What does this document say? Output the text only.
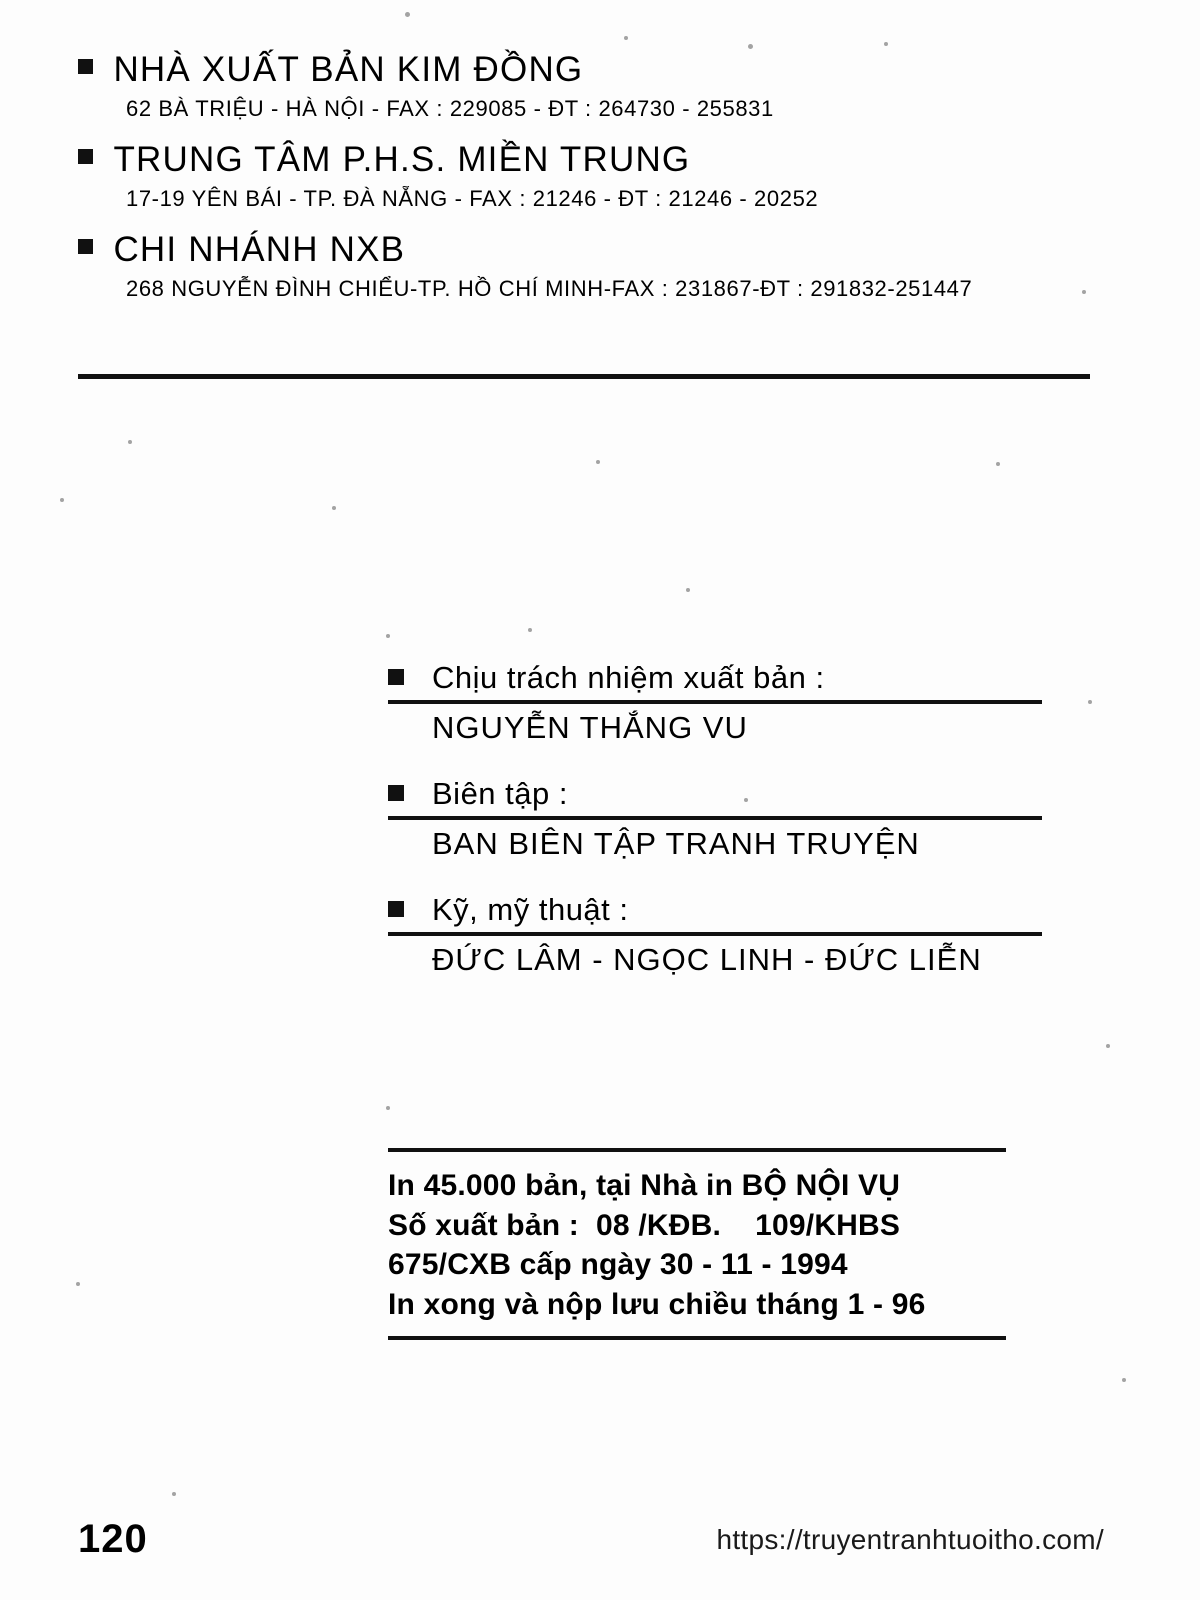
NHÀ XUẤT BẢN KIM ĐỒNG
62 BÀ TRIỆU - HÀ NỘI - FAX : 229085 - ĐT : 264730 - 255831
TRUNG TÂM P.H.S. MIỀN TRUNG
17-19 YÊN BÁI - TP. ĐÀ NẴNG - FAX : 21246 - ĐT : 21246 - 20252
CHI NHÁNH NXB
268 NGUYỄN ĐÌNH CHIỂU-TP. HỒ CHÍ MINH-FAX : 231867-ĐT : 291832-251447
Chịu trách nhiệm xuất bản :
NGUYỄN THẮNG VU
Biên tập :
BAN BIÊN TẬP TRANH TRUYỆN
Kỹ, mỹ thuật :
ĐỨC LÂM - NGỌC LINH - ĐỨC LIỄN
In 45.000 bản, tại Nhà in BỘ NỘI VỤ
Số xuất bản :  08 /KĐB.    109/KHBS
675/CXB cấp ngày 30 - 11 - 1994
In xong và nộp lưu chiều tháng 1 - 96
120	https://truyentranhtuoitho.com/
